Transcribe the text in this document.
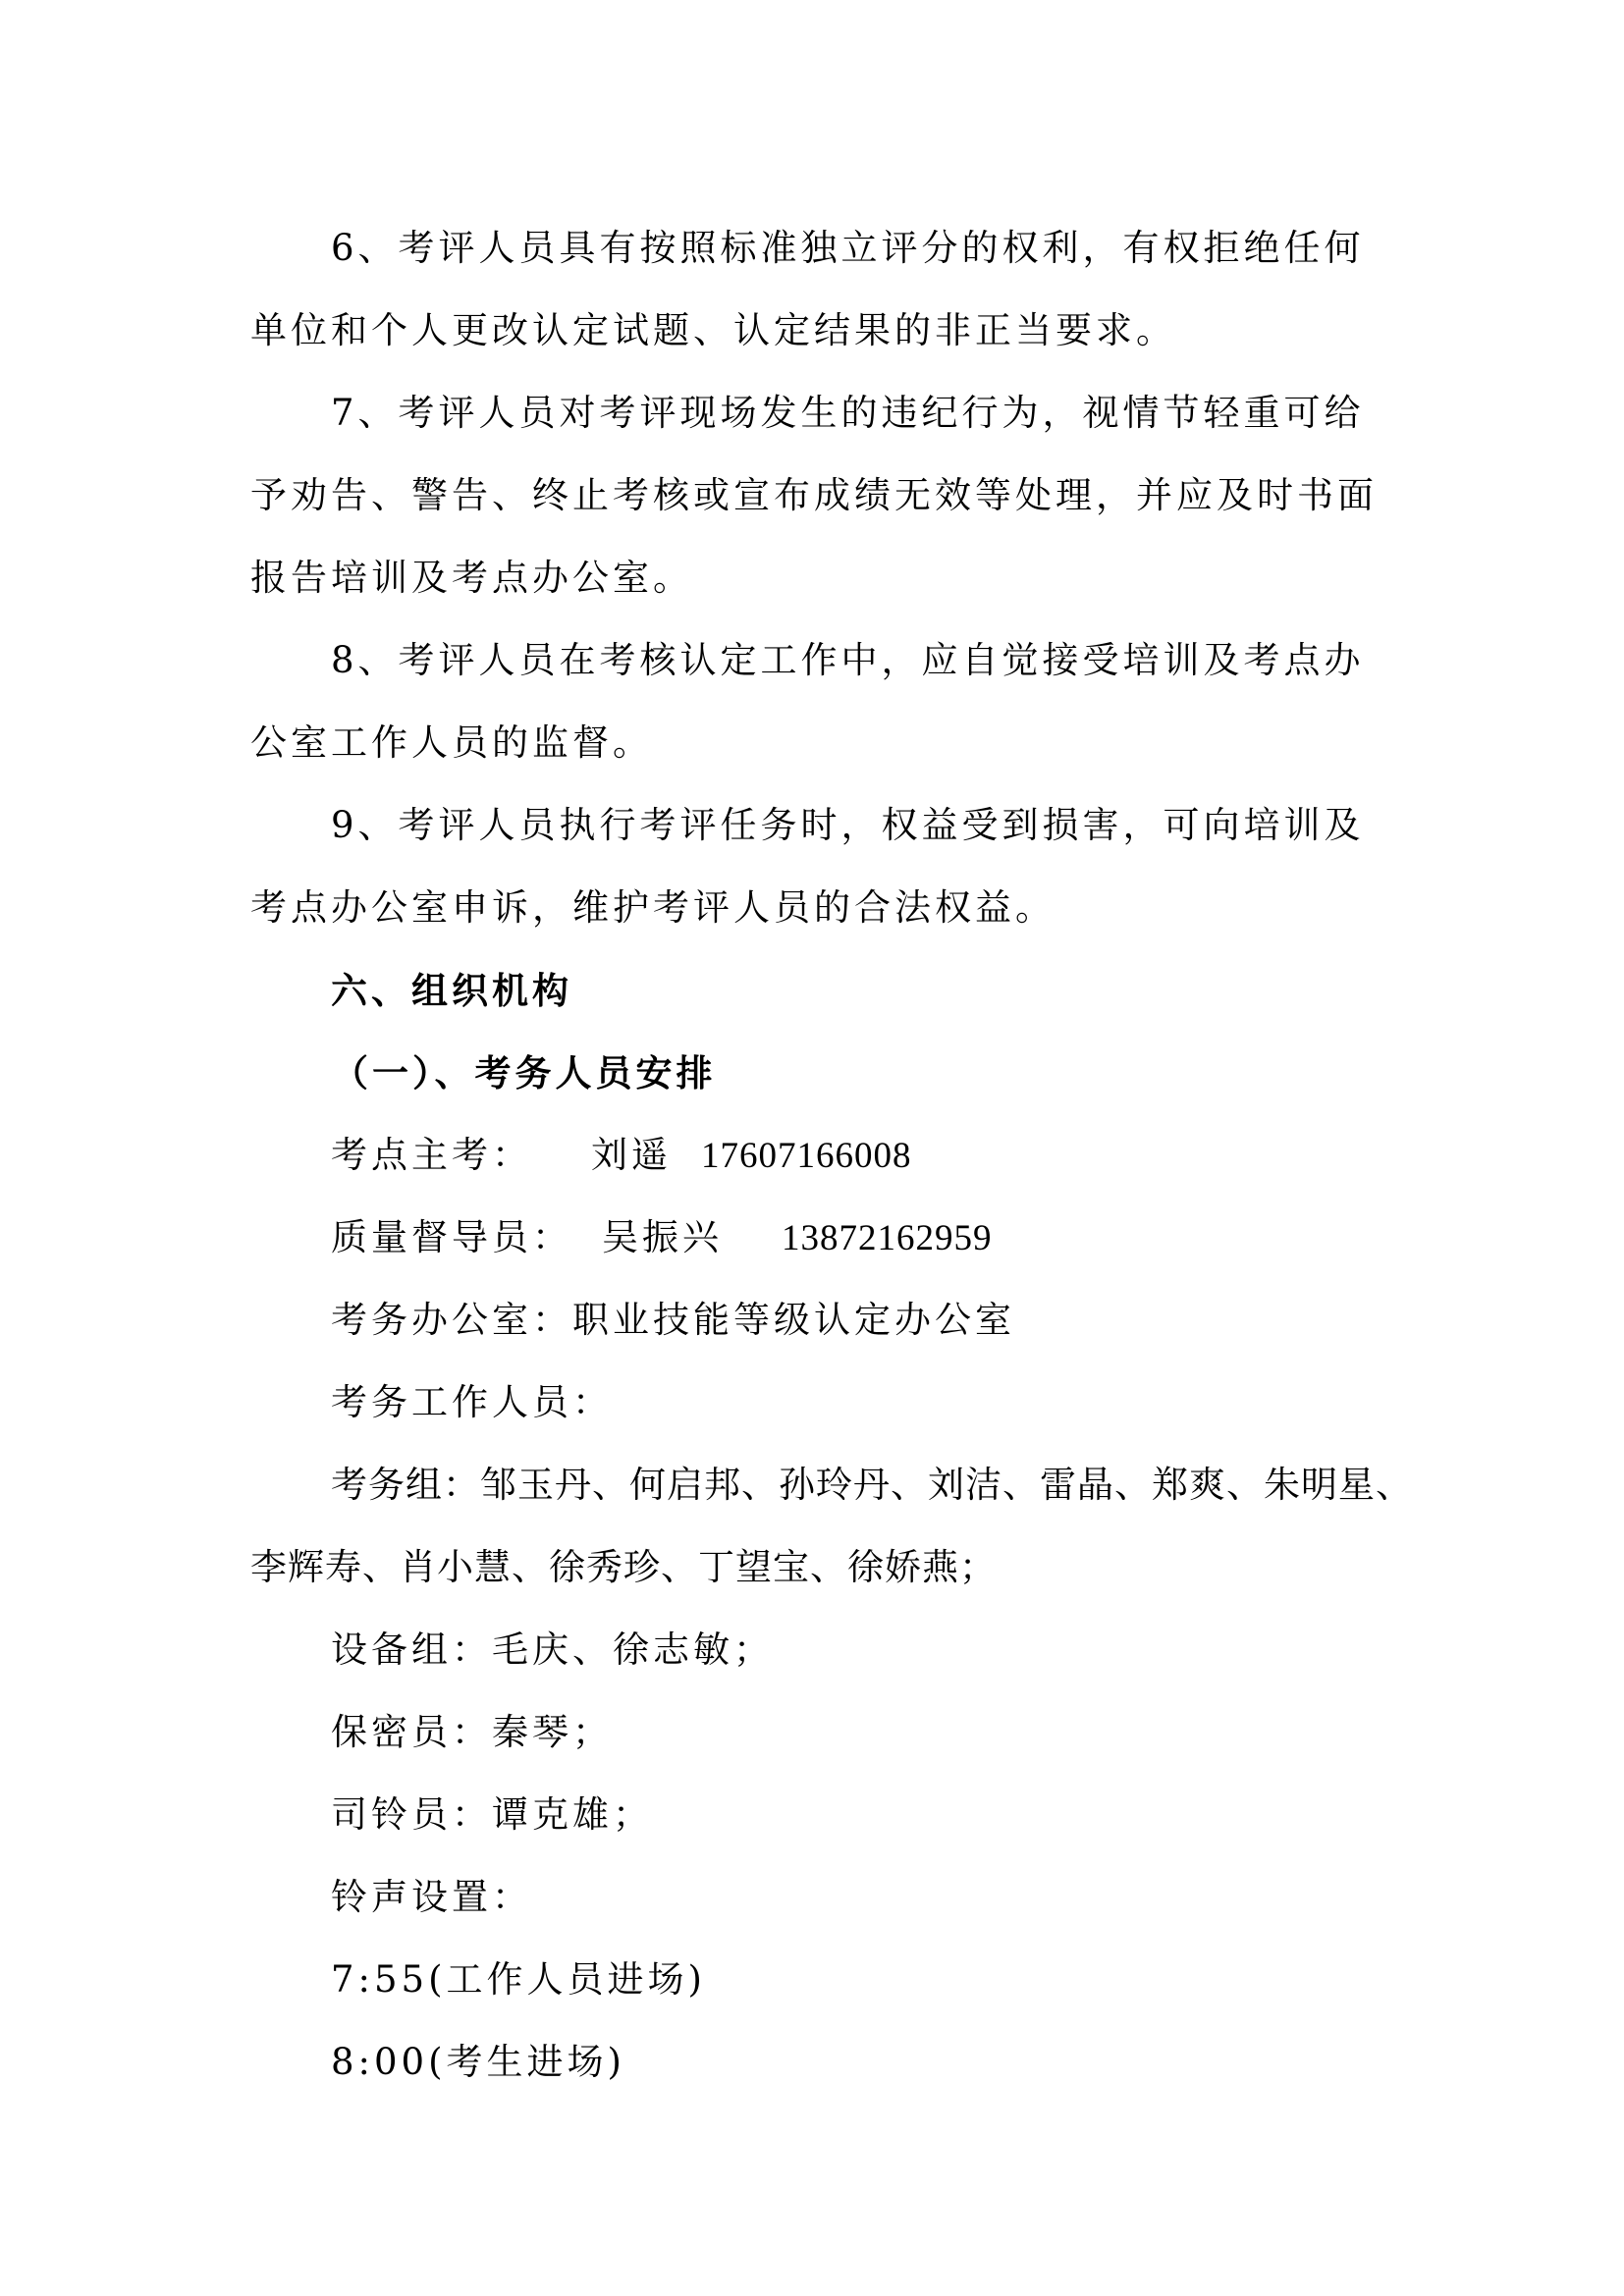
6、考评人员具有按照标准独立评分的权利，有权拒绝任何
单位和个人更改认定试题、认定结果的非正当要求。
7、考评人员对考评现场发生的违纪行为，视情节轻重可给
予劝告、警告、终止考核或宣布成绩无效等处理，并应及时书面
报告培训及考点办公室。
8、考评人员在考核认定工作中，应自觉接受培训及考点办
公室工作人员的监督。
9、考评人员执行考评任务时，权益受到损害，可向培训及
考点办公室申诉，维护考评人员的合法权益。
六、组织机构
（一）、考务人员安排
考点主考： 刘遥 17607166008
质量督导员： 吴振兴 13872162959
考务办公室：职业技能等级认定办公室
考务工作人员：
考务组：邹玉丹、何启邦、孙玲丹、刘洁、雷晶、郑爽、朱明星、
李辉寿、肖小慧、徐秀珍、丁望宝、徐娇燕；
设备组：毛庆、徐志敏；
保密员：秦琴；
司铃员：谭克雄；
铃声设置：
7:55(工作人员进场)
8:00(考生进场)
